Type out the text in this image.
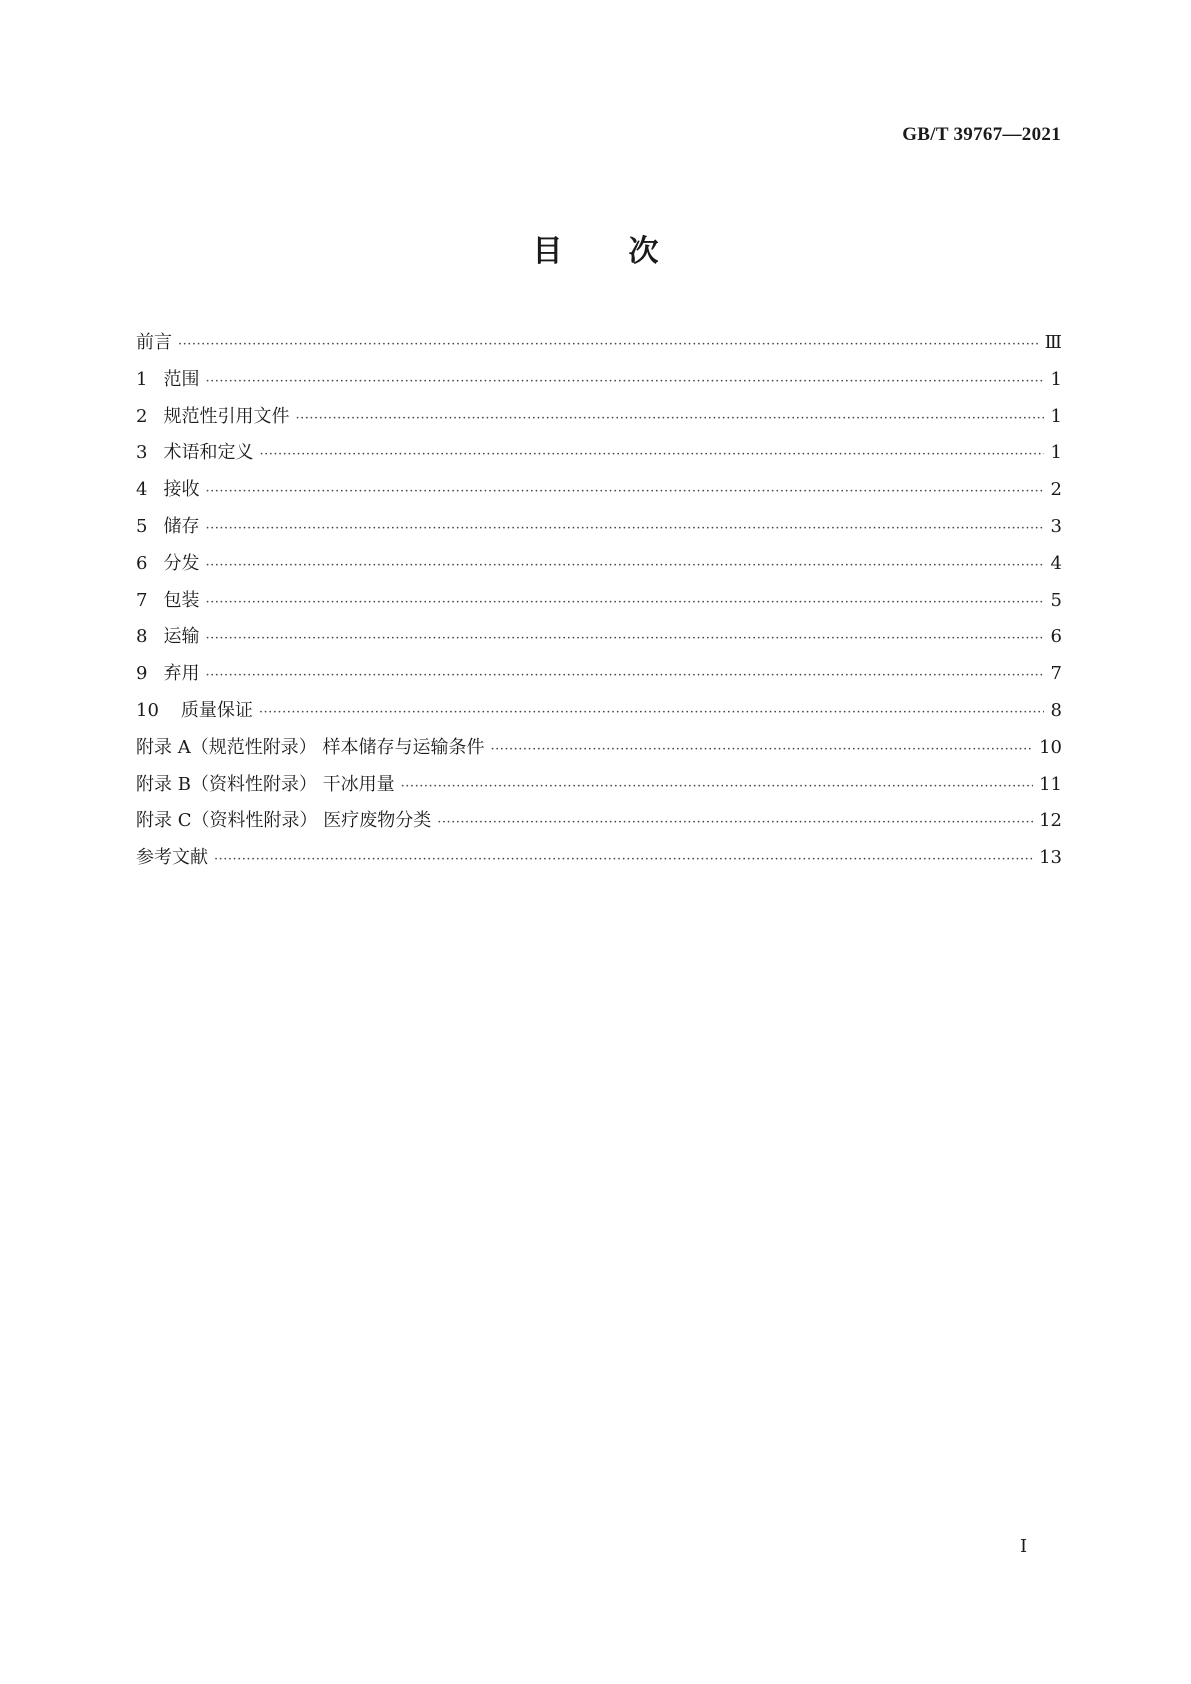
GB/T 39767—2021
目次
前言 ·····	Ⅲ
1 范围 ·····	1
2 规范性引用文件 ·····	1
3 术语和定义 ·····	1
4 接收 ·····	2
5 储存 ·····	3
6 分发 ·····	4
7 包装 ·····	5
8 运输 ·····	6
9 弃用 ·····	7
10 质量保证 ·····	8
附录 A（规范性附录） 样本储存与运输条件 ·····	10
附录 B（资料性附录） 干冰用量 ·····	11
附录 C（资料性附录） 医疗废物分类 ·····	12
参考文献 ·····	13
I
